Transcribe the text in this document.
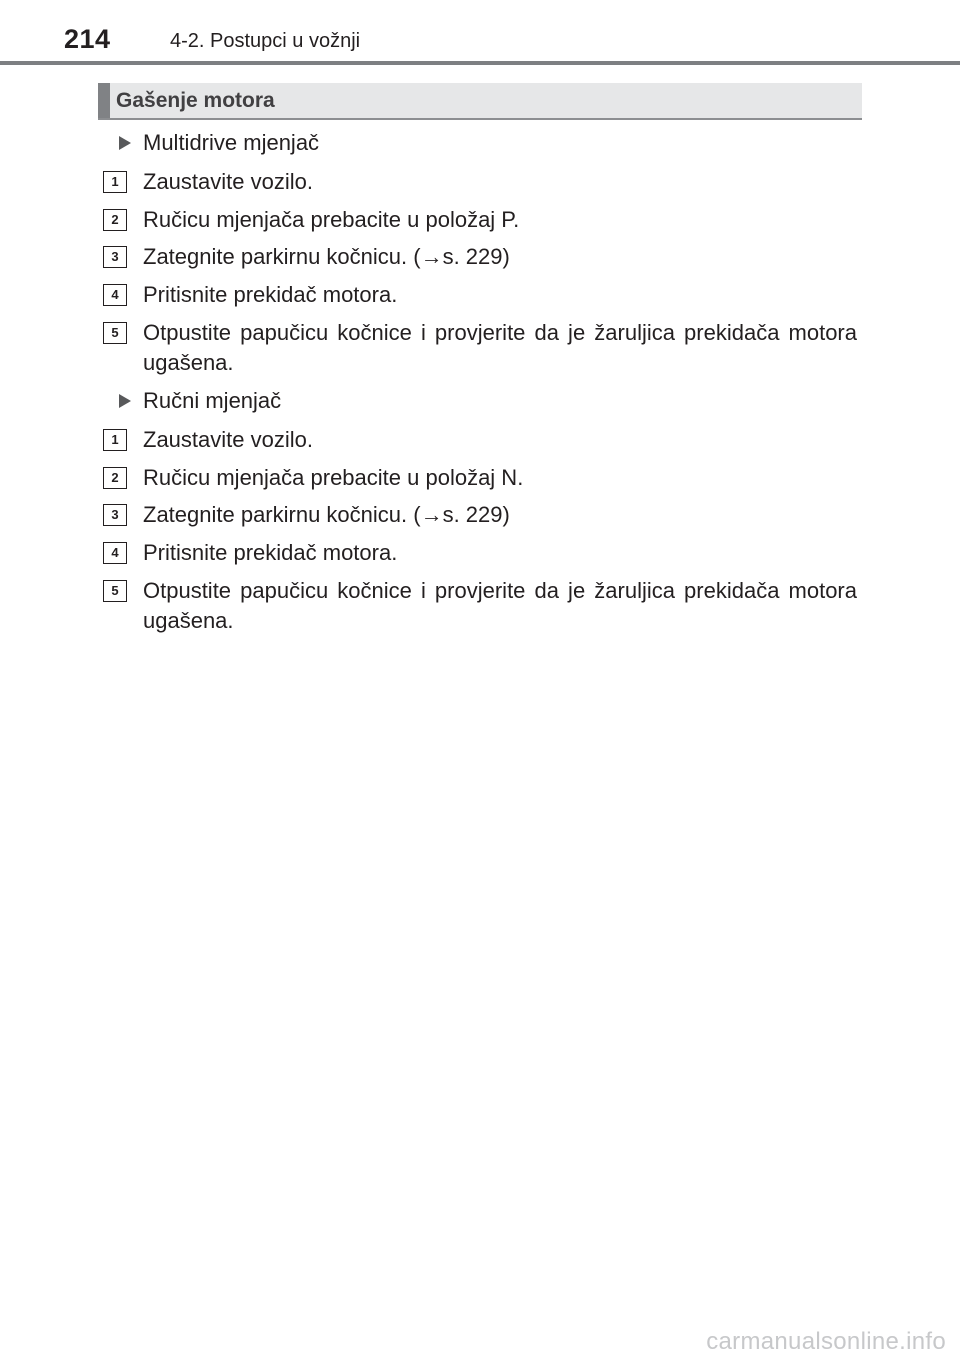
214	4-2. Postupci u vožnji
Gašenje motora
Multidrive mjenjač
1	Zaustavite vozilo.
2	Ručicu mjenjača prebacite u položaj P.
3	Zategnite parkirnu kočnicu. (→s. 229)
4	Pritisnite prekidač motora.
5	Otpustite papučicu kočnice i provjerite da je žaruljica prekidača motora ugašena.
Ručni mjenjač
1	Zaustavite vozilo.
2	Ručicu mjenjača prebacite u položaj N.
3	Zategnite parkirnu kočnicu. (→s. 229)
4	Pritisnite prekidač motora.
5	Otpustite papučicu kočnice i provjerite da je žaruljica prekidača motora ugašena.
carmanualsonline.info
